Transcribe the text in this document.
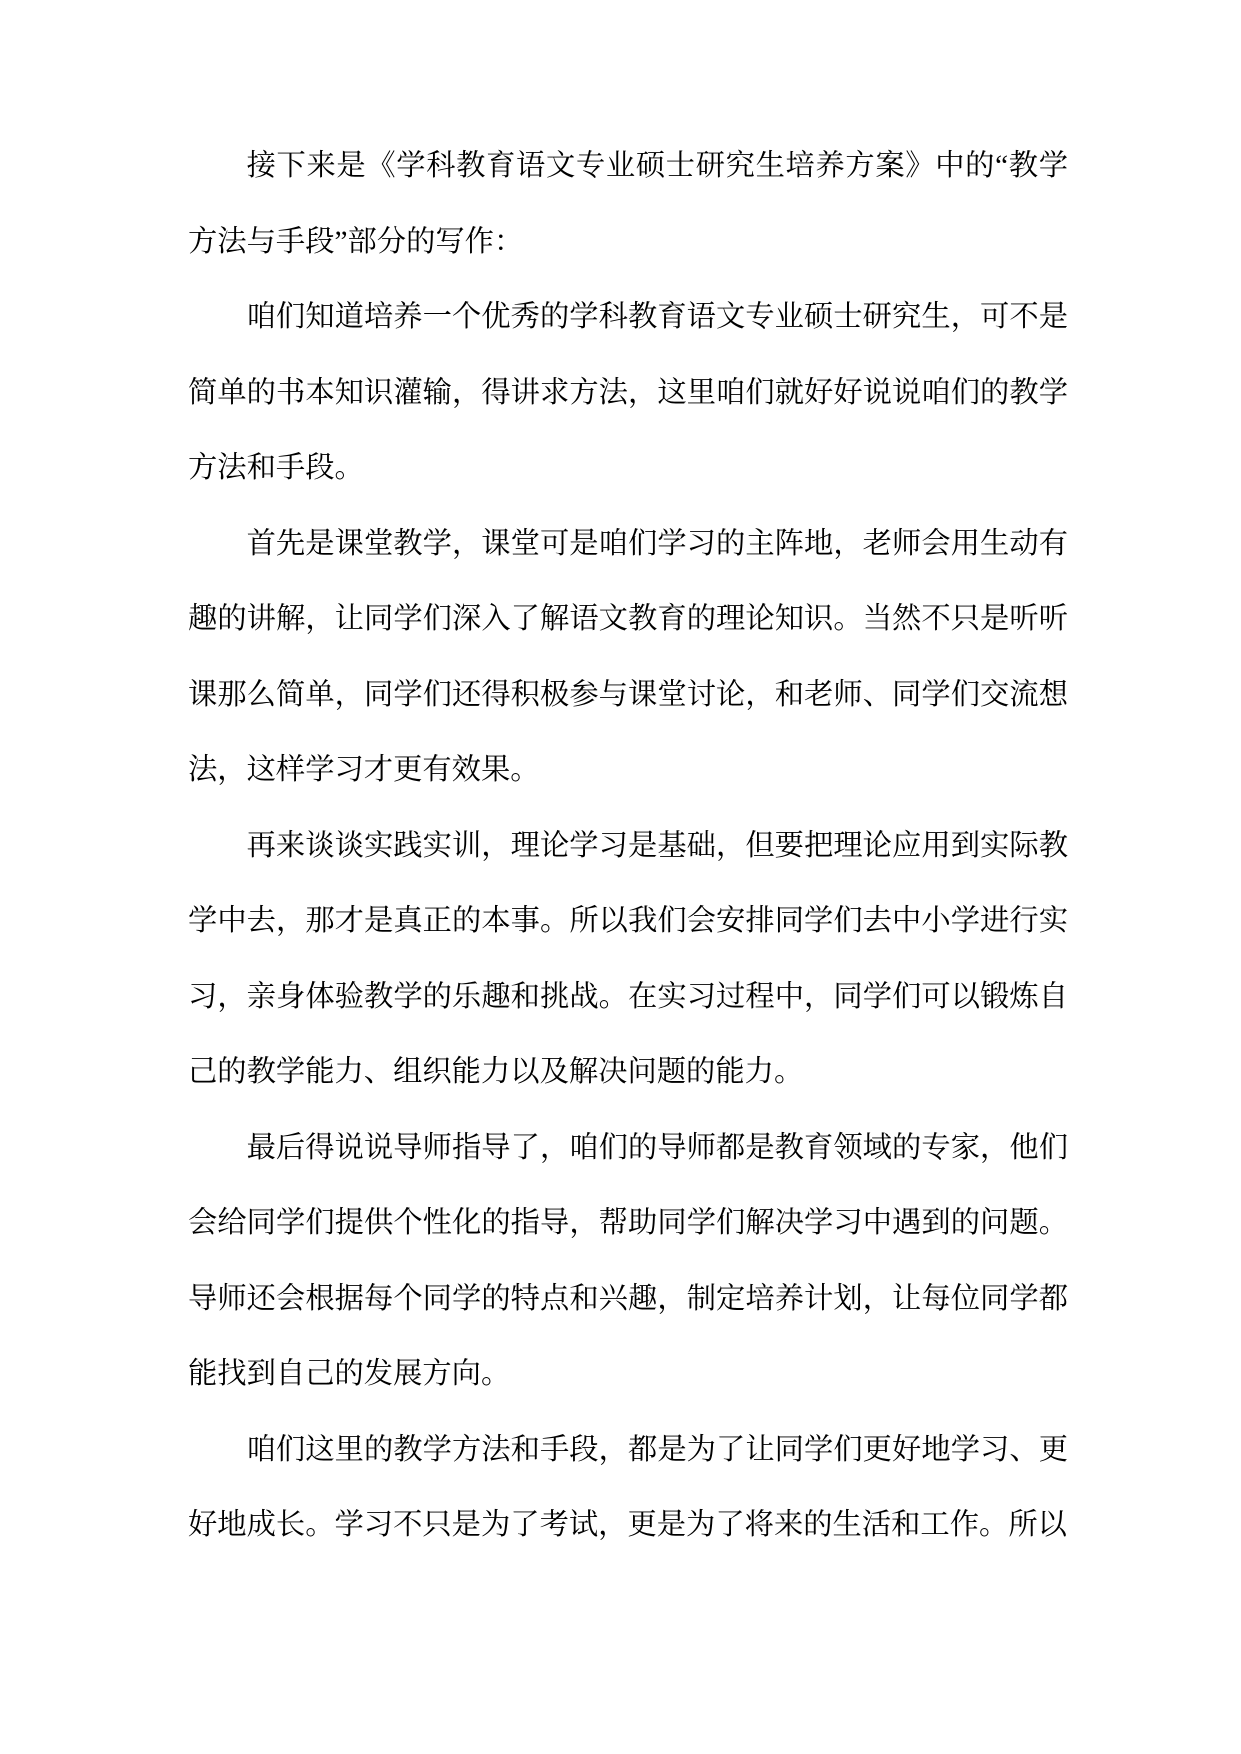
接下来是《学科教育语文专业硕士研究生培养方案》中的“教学方法与手段”部分的写作：

咱们知道培养一个优秀的学科教育语文专业硕士研究生，可不是简单的书本知识灌输，得讲求方法，这里咱们就好好说说咱们的教学方法和手段。

首先是课堂教学，课堂可是咱们学习的主阵地，老师会用生动有趣的讲解，让同学们深入了解语文教育的理论知识。当然不只是听听课那么简单，同学们还得积极参与课堂讨论，和老师、同学们交流想法，这样学习才更有效果。

再来谈谈实践实训，理论学习是基础，但要把理论应用到实际教学中去，那才是真正的本事。所以我们会安排同学们去中小学进行实习，亲身体验教学的乐趣和挑战。在实习过程中，同学们可以锻炼自己的教学能力、组织能力以及解决问题的能力。

最后得说说导师指导了，咱们的导师都是教育领域的专家，他们会给同学们提供个性化的指导，帮助同学们解决学习中遇到的问题。导师还会根据每个同学的特点和兴趣，制定培养计划，让每位同学都能找到自己的发展方向。

咱们这里的教学方法和手段，都是为了让同学们更好地学习、更好地成长。学习不只是为了考试，更是为了将来的生活和工作。所以
